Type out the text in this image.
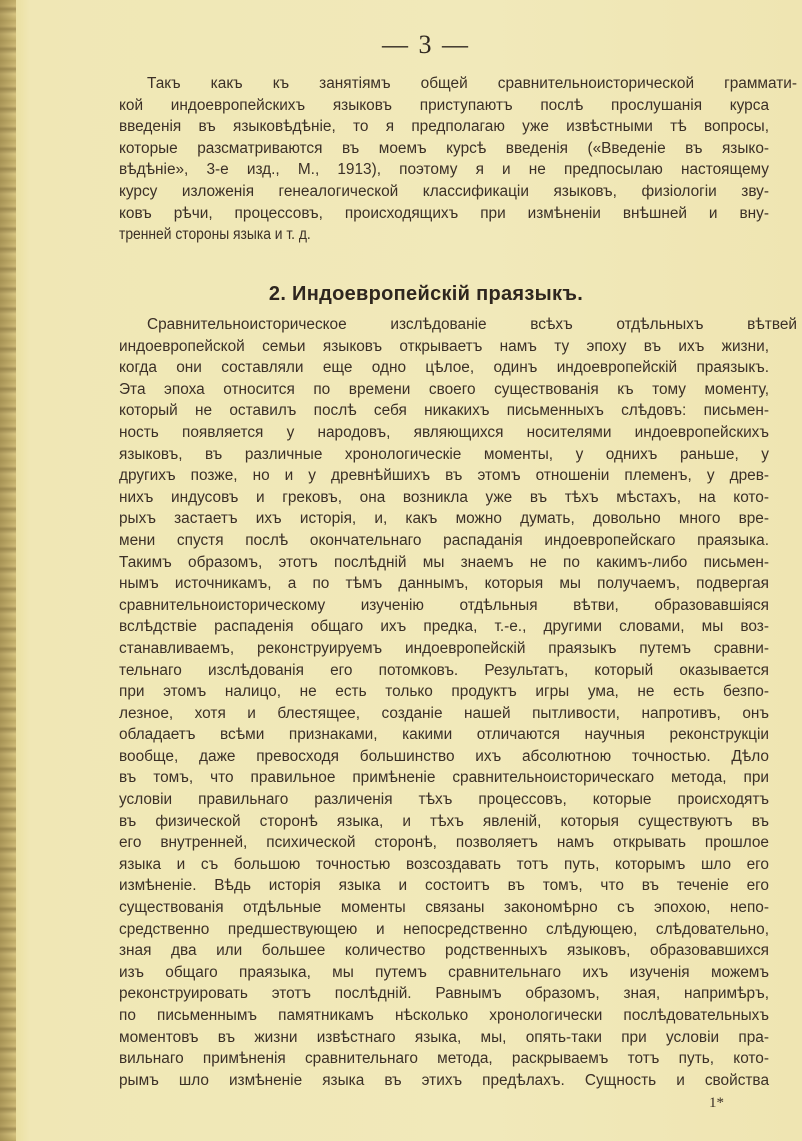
— 3 —
Такъ какъ къ занятіямъ общей сравнительноисторической граммати-
кой индоевропейскихъ языковъ приступаютъ послѣ прослушанія курса
введенія въ языковѣдѣніе, то я предполагаю уже извѣстными тѣ вопросы,
которые разсматриваются въ моемъ курсѣ введенія («Введеніе въ языко-
вѣдѣніе», 3-е изд., М., 1913), поэтому я и не предпосылаю настоящему
курсу изложенія генеалогической классификаціи языковъ, физіологіи зву-
ковъ рѣчи, процессовъ, происходящихъ при измѣненіи внѣшней и вну-
тренней стороны языка и т. д.
2. Индоевропейскій праязыкъ.
Сравнительноисторическое изслѣдованіе всѣхъ отдѣльныхъ вѣтвей
индоевропейской семьи языковъ открываетъ намъ ту эпоху въ ихъ жизни,
когда они составляли еще одно цѣлое, одинъ индоевропейскій праязыкъ.
Эта эпоха относится по времени своего существованія къ тому моменту,
который не оставилъ послѣ себя никакихъ письменныхъ слѣдовъ: письмен-
ность появляется у народовъ, являющихся носителями индоевропейскихъ
языковъ, въ различные хронологическіе моменты, у однихъ раньше, у
другихъ позже, но и у древнѣйшихъ въ этомъ отношеніи племенъ, у древ-
нихъ индусовъ и грековъ, она возникла уже въ тѣхъ мѣстахъ, на кото-
рыхъ застаетъ ихъ исторія, и, какъ можно думать, довольно много вре-
мени спустя послѣ окончательнаго распаданія индоевропейскаго праязыка.
Такимъ образомъ, этотъ послѣдній мы знаемъ не по какимъ-либо письмен-
нымъ источникамъ, а по тѣмъ даннымъ, которыя мы получаемъ, подвергая
сравнительноисторическому изученію отдѣльныя вѣтви, образовавшіяся
вслѣдствіе распаденія общаго ихъ предка, т.-е., другими словами, мы воз-
станавливаемъ, реконструируемъ индоевропейскій праязыкъ путемъ сравни-
тельнаго изслѣдованія его потомковъ. Результатъ, который оказывается
при этомъ налицо, не есть только продуктъ игры ума, не есть безпо-
лезное, хотя и блестящее, созданіе нашей пытливости, напротивъ, онъ
обладаетъ всѣми признаками, какими отличаются научныя реконструкціи
вообще, даже превосходя большинство ихъ абсолютною точностью. Дѣло
въ томъ, что правильное примѣненіе сравнительноисторическаго метода, при
условіи правильнаго различенія тѣхъ процессовъ, которые происходятъ
въ физической сторонѣ языка, и тѣхъ явленій, которыя существуютъ въ
его внутренней, психической сторонѣ, позволяетъ намъ открывать прошлое
языка и съ большою точностью возсоздавать тотъ путь, которымъ шло его
измѣненіе. Вѣдь исторія языка и состоитъ въ томъ, что въ теченіе его
существованія отдѣльные моменты связаны закономѣрно съ эпохою, непо-
средственно предшествующею и непосредственно слѣдующею, слѣдовательно,
зная два или большее количество родственныхъ языковъ, образовавшихся
изъ общаго праязыка, мы путемъ сравнительнаго ихъ изученія можемъ
реконструировать этотъ послѣдній. Равнымъ образомъ, зная, напримѣръ,
по письменнымъ памятникамъ нѣсколько хронологически послѣдовательныхъ
моментовъ въ жизни извѣстнаго языка, мы, опять-таки при условіи пра-
вильнаго примѣненія сравнительнаго метода, раскрываемъ тотъ путь, кото-
рымъ шло измѣненіе языка въ этихъ предѣлахъ. Сущность и свойства
1*
